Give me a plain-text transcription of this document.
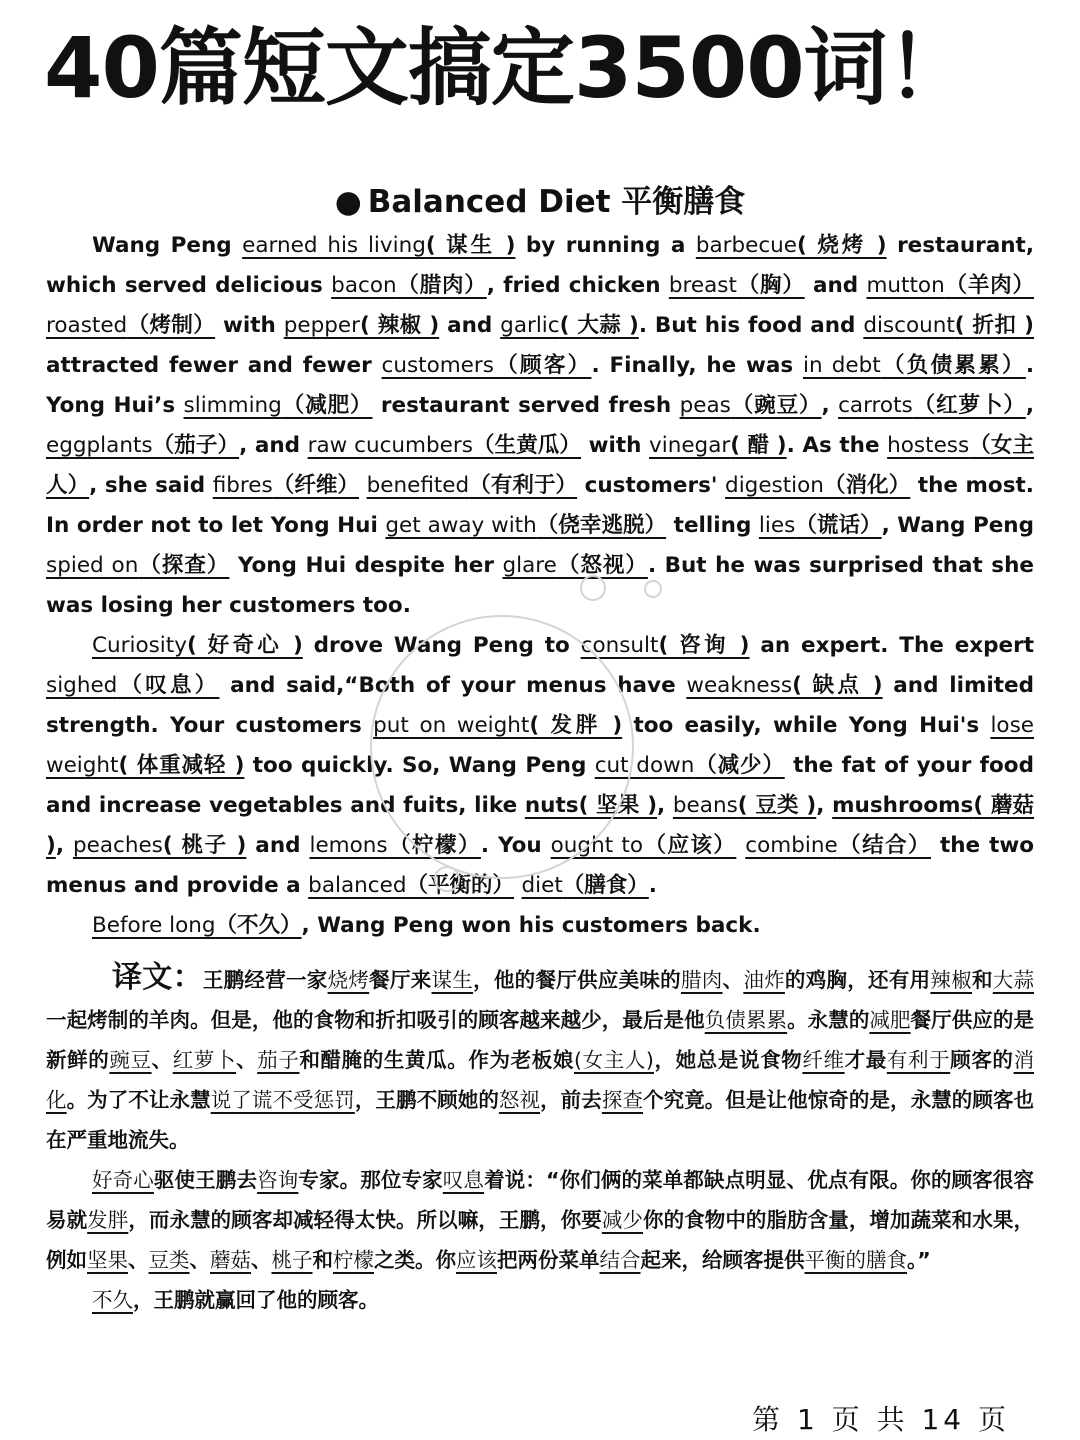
40篇短文搞定3500词！
● Balanced Diet 平衡膳食

Wang Peng earned his living( 谋生 ) by running a barbecue( 烧烤 ) restaurant, which served delicious bacon（腊肉）, fried chicken breast（胸） and mutton（羊肉） roasted（烤制） with pepper( 辣椒 ) and garlic( 大蒜 ). But his food and discount( 折扣 ) attracted fewer and fewer customers（顾客）. Finally, he was in debt（负债累累）. Yong Hui’s slimming（减肥） restaurant served fresh peas（豌豆）, carrots（红萝卜）, eggplants（茄子）, and raw cucumbers（生黄瓜） with vinegar( 醋 ). As the hostess（女主人）, she said fibres（纤维） benefited（有利于） customers' digestion（消化） the most. In order not to let Yong Hui get away with（侥幸逃脱） telling lies（谎话）, Wang Peng spied on（探查） Yong Hui despite her glare（怒视）. But he was surprised that she was losing her customers too.

Curiosity( 好奇心 ) drove Wang Peng to consult( 咨询 ) an expert. The expert sighed（叹息） and said,“Both of your menus have weakness( 缺点 ) and limited strength. Your customers put on weight( 发胖 ) too easily, while Yong Hui's lose weight( 体重减轻 ) too quickly. So, Wang Peng cut down（减少） the fat of your food and increase vegetables and fuits, like nuts( 坚果 ), beans( 豆类 ), mushrooms( 蘑菇 ), peaches( 桃子 ) and lemons（柠檬）. You ought to（应该） combine（结合） the two menus and provide a balanced（平衡的） diet（膳食）.

Before long（不久）, Wang Peng won his customers back.

译文：王鹏经营一家烧烤餐厅来谋生，他的餐厅供应美味的腊肉、油炸的鸡胸，还有用辣椒和大蒜一起烤制的羊肉。但是，他的食物和折扣吸引的顾客越来越少，最后是他负债累累。永慧的减肥餐厅供应的是新鲜的豌豆、红萝卜、茄子和醋腌的生黄瓜。作为老板娘(女主人)，她总是说食物纤维才最有利于顾客的消化。为了不让永慧说了谎不受惩罚，王鹏不顾她的怒视，前去探查个究竟。但是让他惊奇的是，永慧的顾客也在严重地流失。

好奇心驱使王鹏去咨询专家。那位专家叹息着说：“你们俩的菜单都缺点明显、优点有限。你的顾客很容易就发胖，而永慧的顾客却减轻得太快。所以嘛，王鹏，你要减少你的食物中的脂肪含量，增加蔬菜和水果，例如坚果、豆类、蘑菇、桃子和柠檬之类。你应该把两份菜单结合起来，给顾客提供平衡的膳食。”

不久，王鹏就赢回了他的顾客。

第 1 页 共 14 页
